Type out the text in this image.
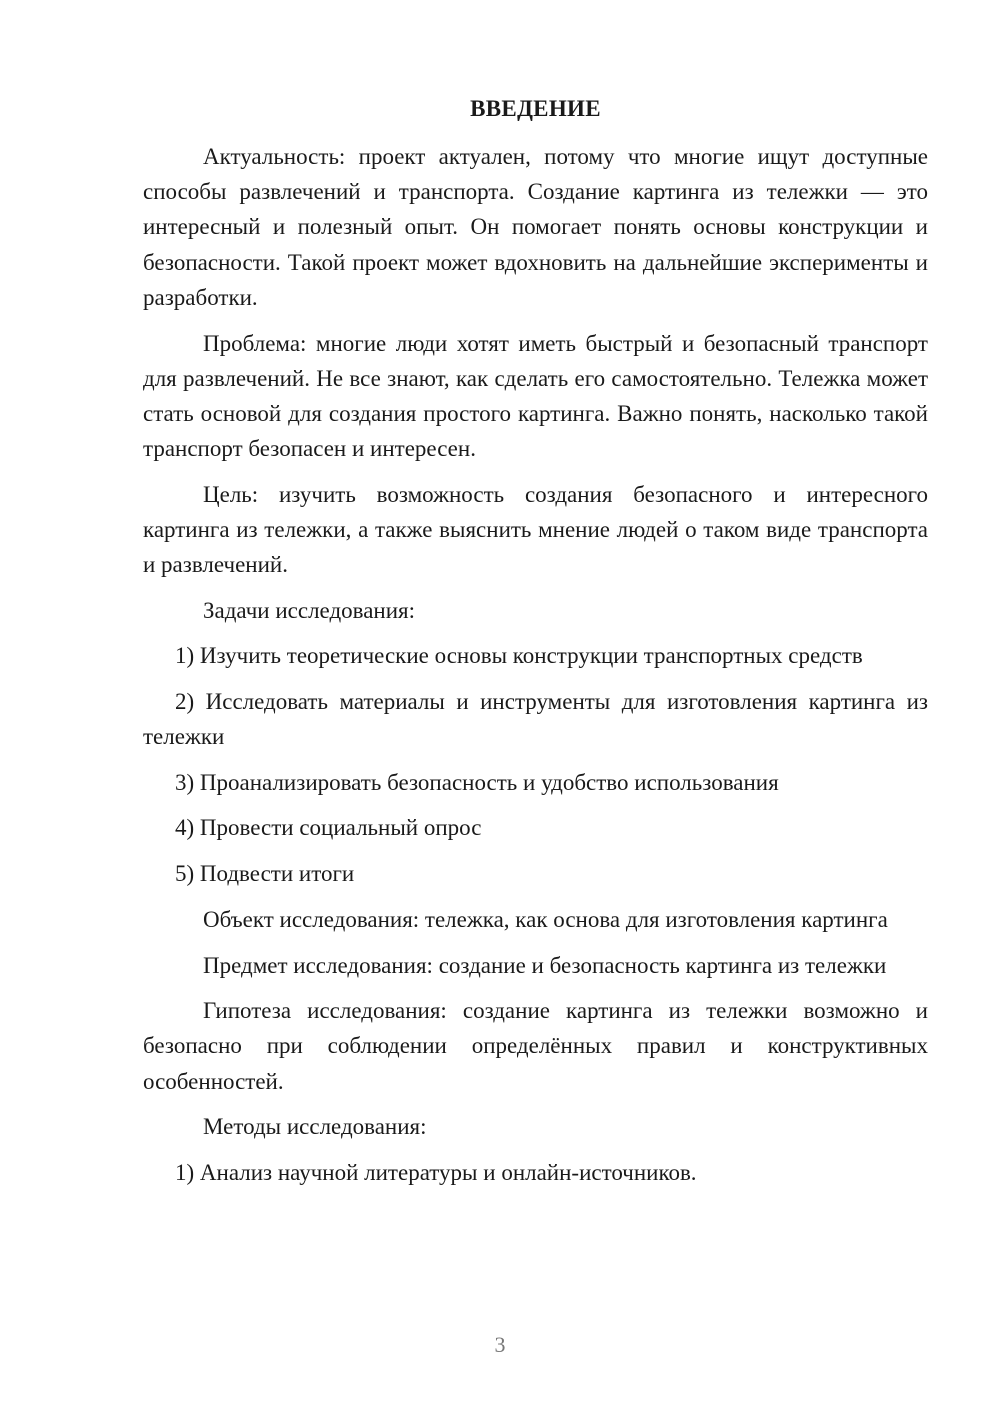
ВВЕДЕНИЕ

Актуальность: проект актуален, потому что многие ищут доступные способы развлечений и транспорта. Создание картинга из тележки — это интересный и полезный опыт. Он помогает понять основы конструкции и безопасности. Такой проект может вдохновить на дальнейшие эксперименты и разработки.

Проблема: многие люди хотят иметь быстрый и безопасный транспорт для развлечений. Не все знают, как сделать его самостоятельно. Тележка может стать основой для создания простого картинга. Важно понять, насколько такой транспорт безопасен и интересен.

Цель: изучить возможность создания безопасного и интересного картинга из тележки, а также выяснить мнение людей о таком виде транспорта и развлечений.

Задачи исследования:

1) Изучить теоретические основы конструкции транспортных средств

2) Исследовать материалы и инструменты для изготовления картинга из тележки

3) Проанализировать безопасность и удобство использования

4) Провести социальный опрос

5) Подвести итоги

Объект исследования: тележка, как основа для изготовления картинга

Предмет исследования: создание и безопасность картинга из тележки

Гипотеза исследования: создание картинга из тележки возможно и безопасно при соблюдении определённых правил и конструктивных особенностей.

Методы исследования:

1) Анализ научной литературы и онлайн-источников.

3
